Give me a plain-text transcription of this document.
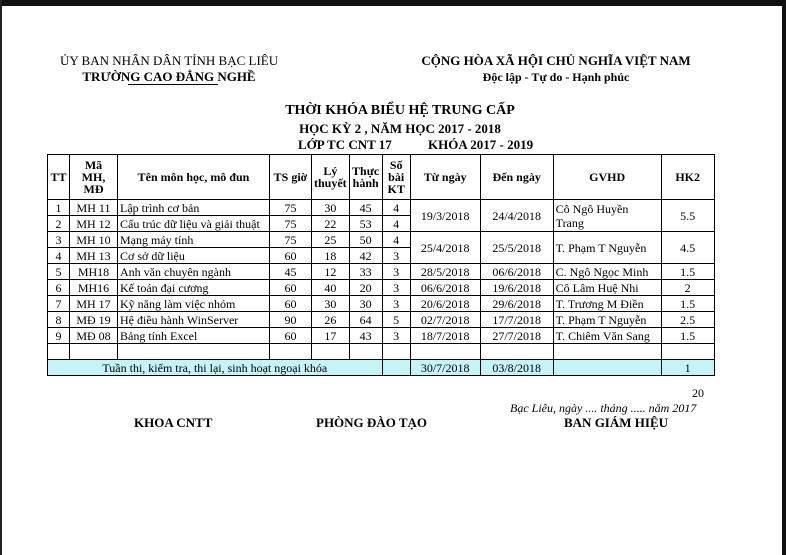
ỦY BAN NHÂN DÂN TỈNH BẠC LIÊU
TRƯỜNG CAO ĐẲNG NGHỀ
CỘNG HÒA XÃ HỘI CHỦ NGHĨA VIỆT NAM
Độc lập - Tự do - Hạnh phúc
THỜI KHÓA BIỂU HỆ TRUNG CẤP
HỌC KỲ 2 , NĂM HỌC 2017 - 2018
LỚP TC CNT 17	KHÓA 2017 - 2019
TT	Mã MH, MĐ	Tên môn học, mô đun	TS giờ	Lý thuyết	Thực hành	Số bài KT	Từ ngày	Đến ngày	GVHD	HK2
1	MH 11	Lập trình cơ bản	75	30	45	4	19/3/2018	24/4/2018	Cô Ngô Huyền Trang	5.5
2	MH 12	Cấu trúc dữ liệu và giải thuật	75	22	53	4				
3	MH 10	Mạng máy tính	75	25	50	4	25/4/2018	25/5/2018	T. Phạm T Nguyễn	4.5
4	MH 13	Cơ sở dữ liệu	60	18	42	3				
5	MH18	Anh văn chuyên ngành	45	12	33	3	28/5/2018	06/6/2018	C. Ngô Ngọc Minh	1.5
6	MH16	Kế toán đại cương	60	40	20	3	06/6/2018	19/6/2018	Cô Lâm Huệ Nhi	2
7	MH 17	Kỹ năng làm việc nhóm	60	30	30	3	20/6/2018	29/6/2018	T. Trương M Điền	1.5
8	MĐ 19	Hệ điều hành WinServer	90	26	64	5	02/7/2018	17/7/2018	T. Phạm T Nguyễn	2.5
9	MĐ 08	Bảng tính Excel	60	17	43	3	18/7/2018	27/7/2018	T. Chiêm Văn Sang	1.5

Tuần thi, kiểm tra, thi lại, sinh hoạt ngoại khóa							30/7/2018	03/8/2018		1
20
Bạc Liêu, ngày .... tháng ..... năm 2017
KHOA CNTT	PHÒNG ĐÀO TẠO	BAN GIÁM HIỆU
